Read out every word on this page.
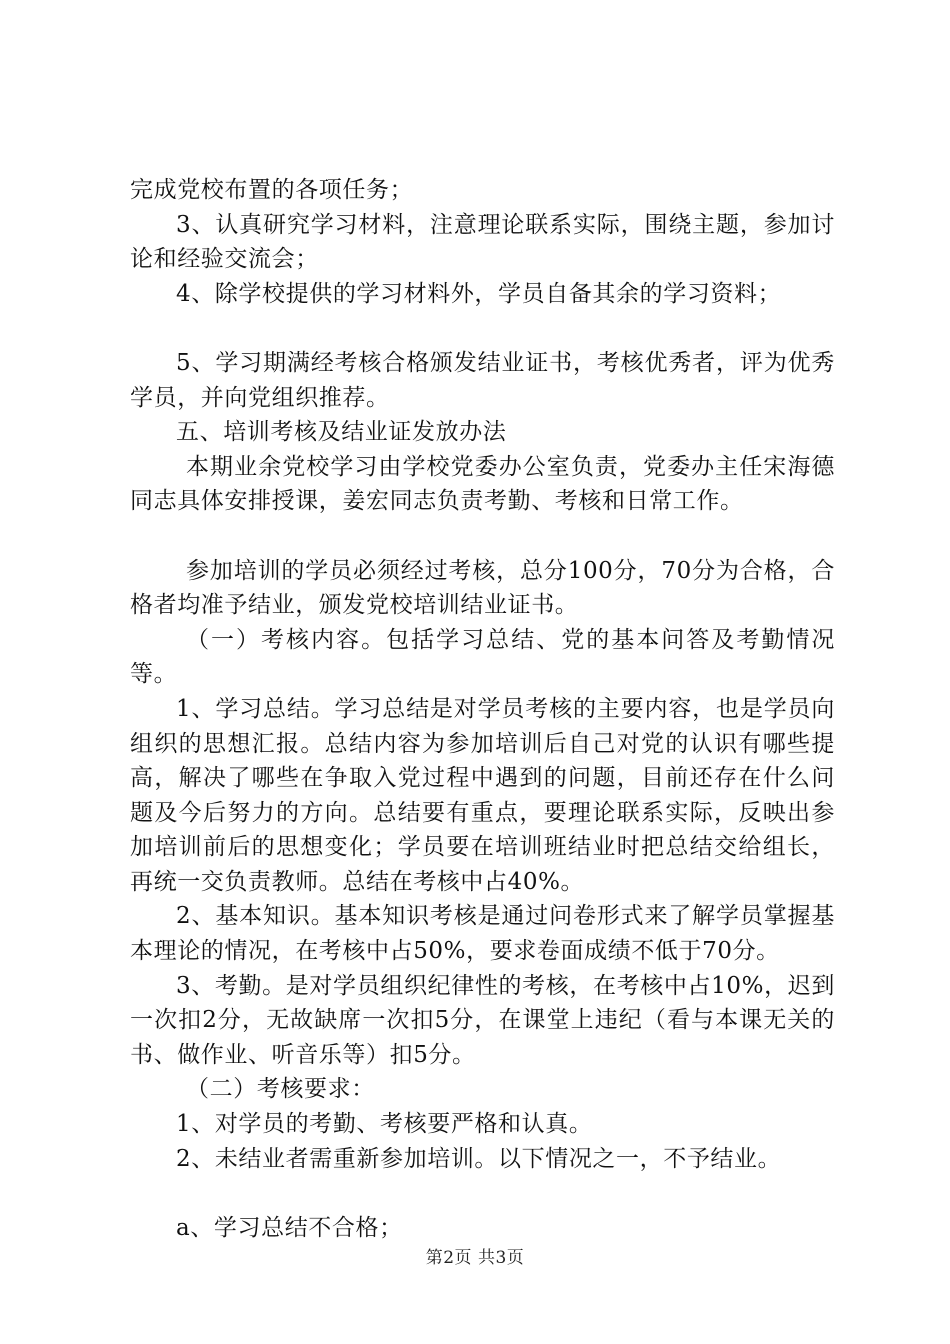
完成党校布置的各项任务；

3、认真研究学习材料，注意理论联系实际，围绕主题，参加讨论和经验交流会；

4、除学校提供的学习材料外，学员自备其余的学习资料；

5、学习期满经考核合格颁发结业证书，考核优秀者，评为优秀学员，并向党组织推荐。

五、培训考核及结业证发放办法

本期业余党校学习由学校党委办公室负责，党委办主任宋海德同志具体安排授课，姜宏同志负责考勤、考核和日常工作。

参加培训的学员必须经过考核，总分100分，70分为合格，合格者均准予结业，颁发党校培训结业证书。

（一）考核内容。包括学习总结、党的基本问答及考勤情况等。

1、学习总结。学习总结是对学员考核的主要内容，也是学员向组织的思想汇报。总结内容为参加培训后自己对党的认识有哪些提高，解决了哪些在争取入党过程中遇到的问题，目前还存在什么问题及今后努力的方向。总结要有重点，要理论联系实际，反映出参加培训前后的思想变化；学员要在培训班结业时把总结交给组长，再统一交负责教师。总结在考核中占40%。

2、基本知识。基本知识考核是通过问卷形式来了解学员掌握基本理论的情况，在考核中占50%，要求卷面成绩不低于70分。

3、考勤。是对学员组织纪律性的考核，在考核中占10%，迟到一次扣2分，无故缺席一次扣5分，在课堂上违纪（看与本课无关的书、做作业、听音乐等）扣5分。

（二）考核要求：

1、对学员的考勤、考核要严格和认真。

2、未结业者需重新参加培训。以下情况之一，不予结业。

a、学习总结不合格；

第2页 共3页
